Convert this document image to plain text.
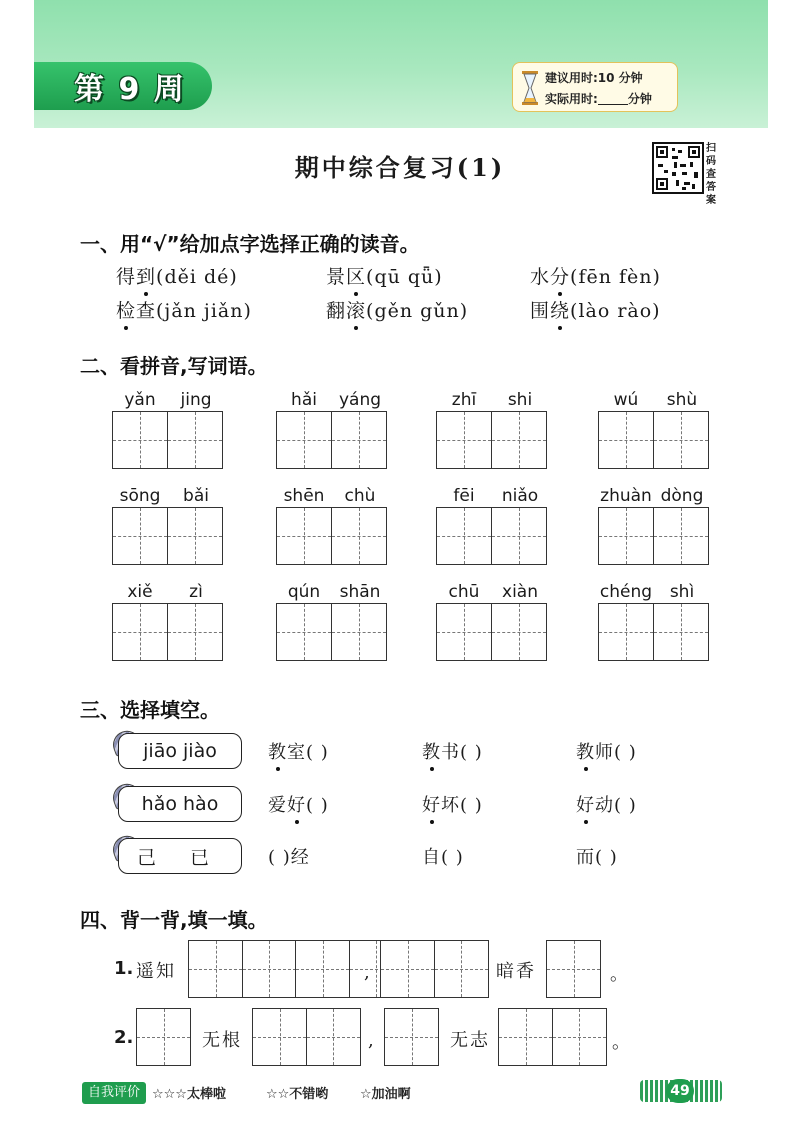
第 9 周	建议用时:10 分钟
实际用时:	分钟
期中综合复习(1)
扫码查答案
一、用“√”给加点字选择正确的读音。
得到(děi dé)	景区(qū qǖ)	水分(fēn fèn)
检查(jǎn jiǎn)	翻滚(gěn gǔn)	围绕(lào rào)
二、看拼音,写词语。
yǎn jing	hǎi yáng	zhī shi	wú shù
sōng bǎi	shēn chù	fēi niǎo	zhuàn dòng
xiě zì	qún shān	chū xiàn	chéng shì
三、选择填空。
jiāo jiào	教室( )	教书( )	教师( )
hǎo hào	爱好( )	好坏( )	好动( )
己 已	( )经	自( )	而( )
四、背一背,填一填。
1. 遥知	,	暗香	。
2.	无根	,	无志	。
自我评价 ☆☆☆太棒啦	☆☆不错哟 ☆加油啊	49
